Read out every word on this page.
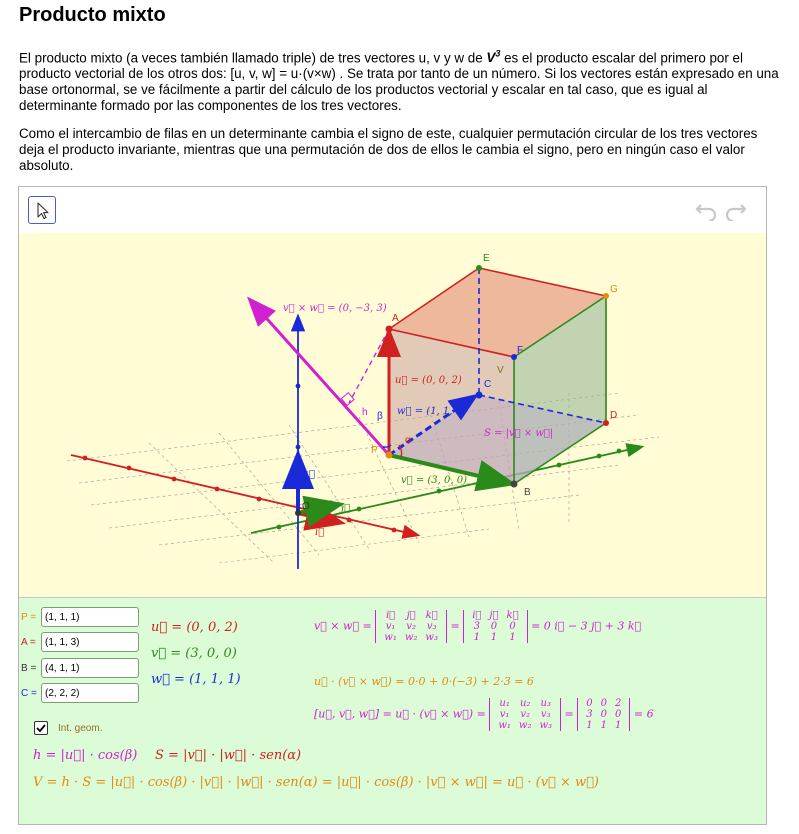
Producto mixto

El producto mixto (a veces también llamado triple) de tres vectores u, v y w de $V^3$ es el producto escalar del primero por el producto vectorial de los otros dos: [u, v, w] = u·(v×w) . Se trata por tanto de un número. Si los vectores están expresado en una base ortonormal, se ve fácilmente a partir del cálculo de los productos vectorial y escalar en tal caso, que es igual al determinante formado por las componentes de los tres vectores.

Como el intercambio de filas en un determinante cambia el signo de este, cualquier permutación circular de los tres vectores deja el producto invariante, mientras que una permutación de dos de ellos le cambia el signo, pero en ningún caso el valor absoluto.

v⃗ × w⃗ = (0, −3, 3)
u⃗ = (0, 0, 2)
w⃗ = (1, 1, 1)
v⃗ = (3, 0, 0)
S = |v⃗ × w⃗|
A
B
C
D
E
F
G
P
O
V
h
α
β
i⃗
j⃗
k⃗
P = (1, 1, 1)
A = (1, 1, 3)
B = (4, 1, 1)
C = (2, 2, 2)
u⃗ = (0, 0, 2)
v⃗ = (3, 0, 0)
w⃗ = (1, 1, 1)
Int. geom.
v⃗ × w⃗ =
i⃗	j⃗	k⃗
v₁	v₂	v₃
w₁	w₂	w₃
=
i⃗	j⃗	k⃗
3	0	0
1	1	1
= 0 i⃗ − 3 j⃗ + 3 k⃗
u⃗ · (v⃗ × w⃗) = 0·0 + 0·(−3) + 2·3 = 6
[u⃗, v⃗, w⃗] = u⃗ · (v⃗ × w⃗) =
u₁	u₂	u₃
v₁	v₂	v₃
w₁	w₂	w₃
=
0	0	2
3	0	0
1	1	1
= 6
h = |u⃗| · cos(β) S = |v⃗| · |w⃗| · sen(α)
V = h · S = |u⃗| · cos(β) · |v⃗| · |w⃗| · sen(α) = |u⃗| · cos(β) · |v⃗ × w⃗| = u⃗ · (v⃗ × w⃗)
